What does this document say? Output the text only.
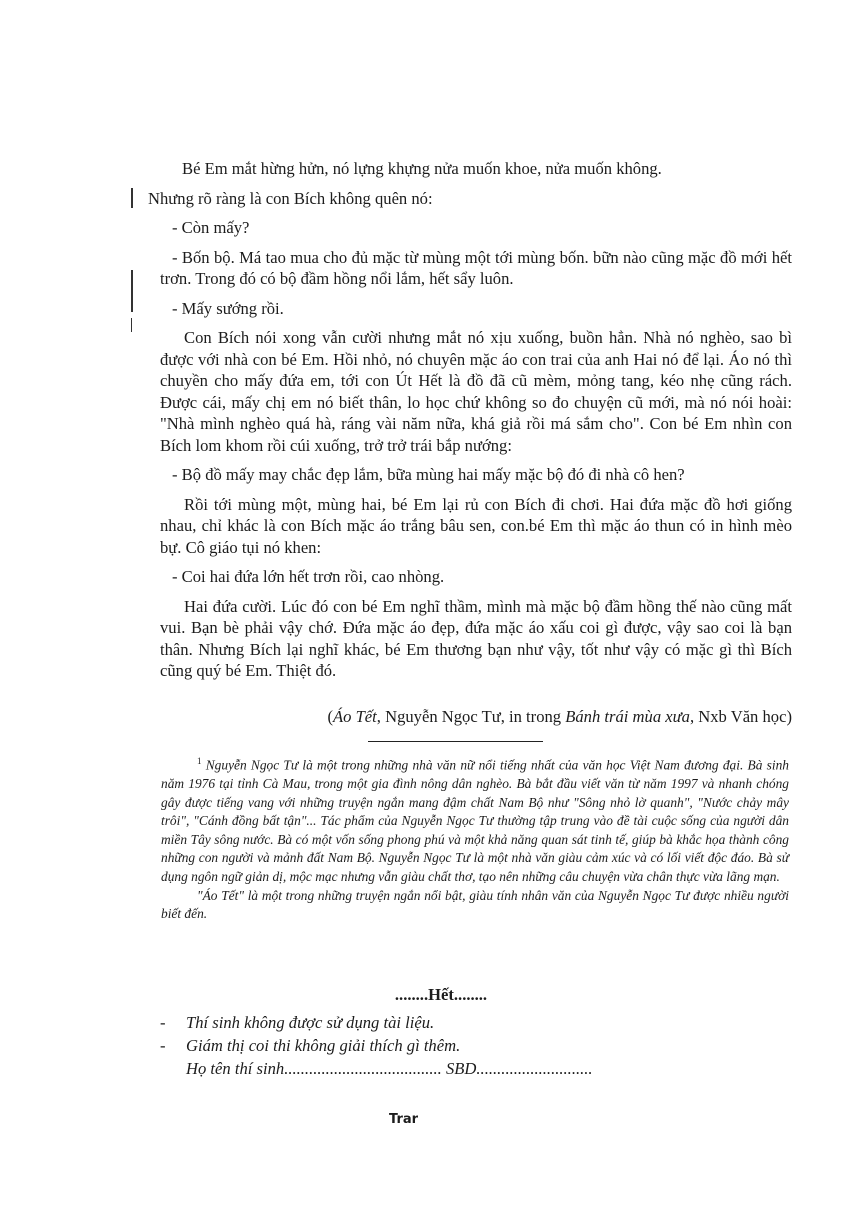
Bé Em mắt hừng hửn, nó lựng khựng nửa muốn khoe, nửa muốn không.

Nhưng rõ ràng là con Bích không quên nó:

- Còn mấy?

- Bốn bộ. Má tao mua cho đủ mặc từ mùng một tới mùng bốn. bữn nào cũng mặc đồ mới hết trơn. Trong đó có bộ đầm hồng nổi lắm, hết sẩy luôn.

- Mấy sướng rồi.

Con Bích nói xong vẫn cười nhưng mắt nó xịu xuống, buồn hẳn. Nhà nó nghèo, sao bì được với nhà con bé Em. Hồi nhỏ, nó chuyên mặc áo con trai của anh Hai nó để lại. Áo nó thì chuyền cho mấy đứa em, tới con Út Hết là đồ đã cũ mèm, mỏng tang, kéo nhẹ cũng rách. Được cái, mấy chị em nó biết thân, lo học chứ không so đo chuyện cũ mới, mà nó nói hoài: "Nhà mình nghèo quá hà, ráng vài năm nữa, khá giả rồi má sắm cho". Con bé Em nhìn con Bích lom khom rồi cúi xuống, trở trở trái bắp nướng:

- Bộ đồ mấy may chắc đẹp lắm, bữa mùng hai mấy mặc bộ đó đi nhà cô hen?

Rồi tới mùng một, mùng hai, bé Em lại rủ con Bích đi chơi. Hai đứa mặc đồ hơi giống nhau, chỉ khác là con Bích mặc áo trắng bâu sen, con.bé Em thì mặc áo thun có in hình mèo bự. Cô giáo tụi nó khen:

- Coi hai đứa lớn hết trơn rồi, cao nhòng.

Hai đứa cười. Lúc đó con bé Em nghĩ thầm, mình mà mặc bộ đầm hồng thế nào cũng mất vui. Bạn bè phải vậy chớ. Đứa mặc áo đẹp, đứa mặc áo xấu coi gì được, vậy sao coi là bạn thân. Nhưng Bích lại nghĩ khác, bé Em thương bạn như vậy, tốt như vậy có mặc gì thì Bích cũng quý bé Em. Thiệt đó.

(Áo Tết, Nguyễn Ngọc Tư, in trong Bánh trái mùa xưa, Nxb Văn học)

$^1$ Nguyễn Ngọc Tư là một trong những nhà văn nữ nổi tiếng nhất của văn học Việt Nam đương đại. Bà sinh năm 1976 tại tỉnh Cà Mau, trong một gia đình nông dân nghèo. Bà bắt đầu viết văn từ năm 1997 và nhanh chóng gây được tiếng vang với những truyện ngắn mang đậm chất Nam Bộ như "Sông nhỏ lờ quanh", "Nước chảy mây trôi", "Cánh đồng bất tận"... Tác phẩm của Nguyễn Ngọc Tư thường tập trung vào đề tài cuộc sống của người dân miền Tây sông nước. Bà có một vốn sống phong phú và một khả năng quan sát tinh tế, giúp bà khắc họa thành công những con người và mảnh đất Nam Bộ. Nguyễn Ngọc Tư là một nhà văn giàu cảm xúc và có lối viết độc đáo. Bà sử dụng ngôn ngữ giản dị, mộc mạc nhưng vẫn giàu chất thơ, tạo nên những câu chuyện vừa chân thực vừa lãng mạn.

"Áo Tết" là một trong những truyện ngắn nổi bật, giàu tính nhân văn của Nguyễn Ngọc Tư được nhiều người biết đến.

........Hết........
- Thí sinh không được sử dụng tài liệu.
- Giám thị coi thi không giải thích gì thêm.
Họ tên thí sinh...................................... SBD............................
Trar
